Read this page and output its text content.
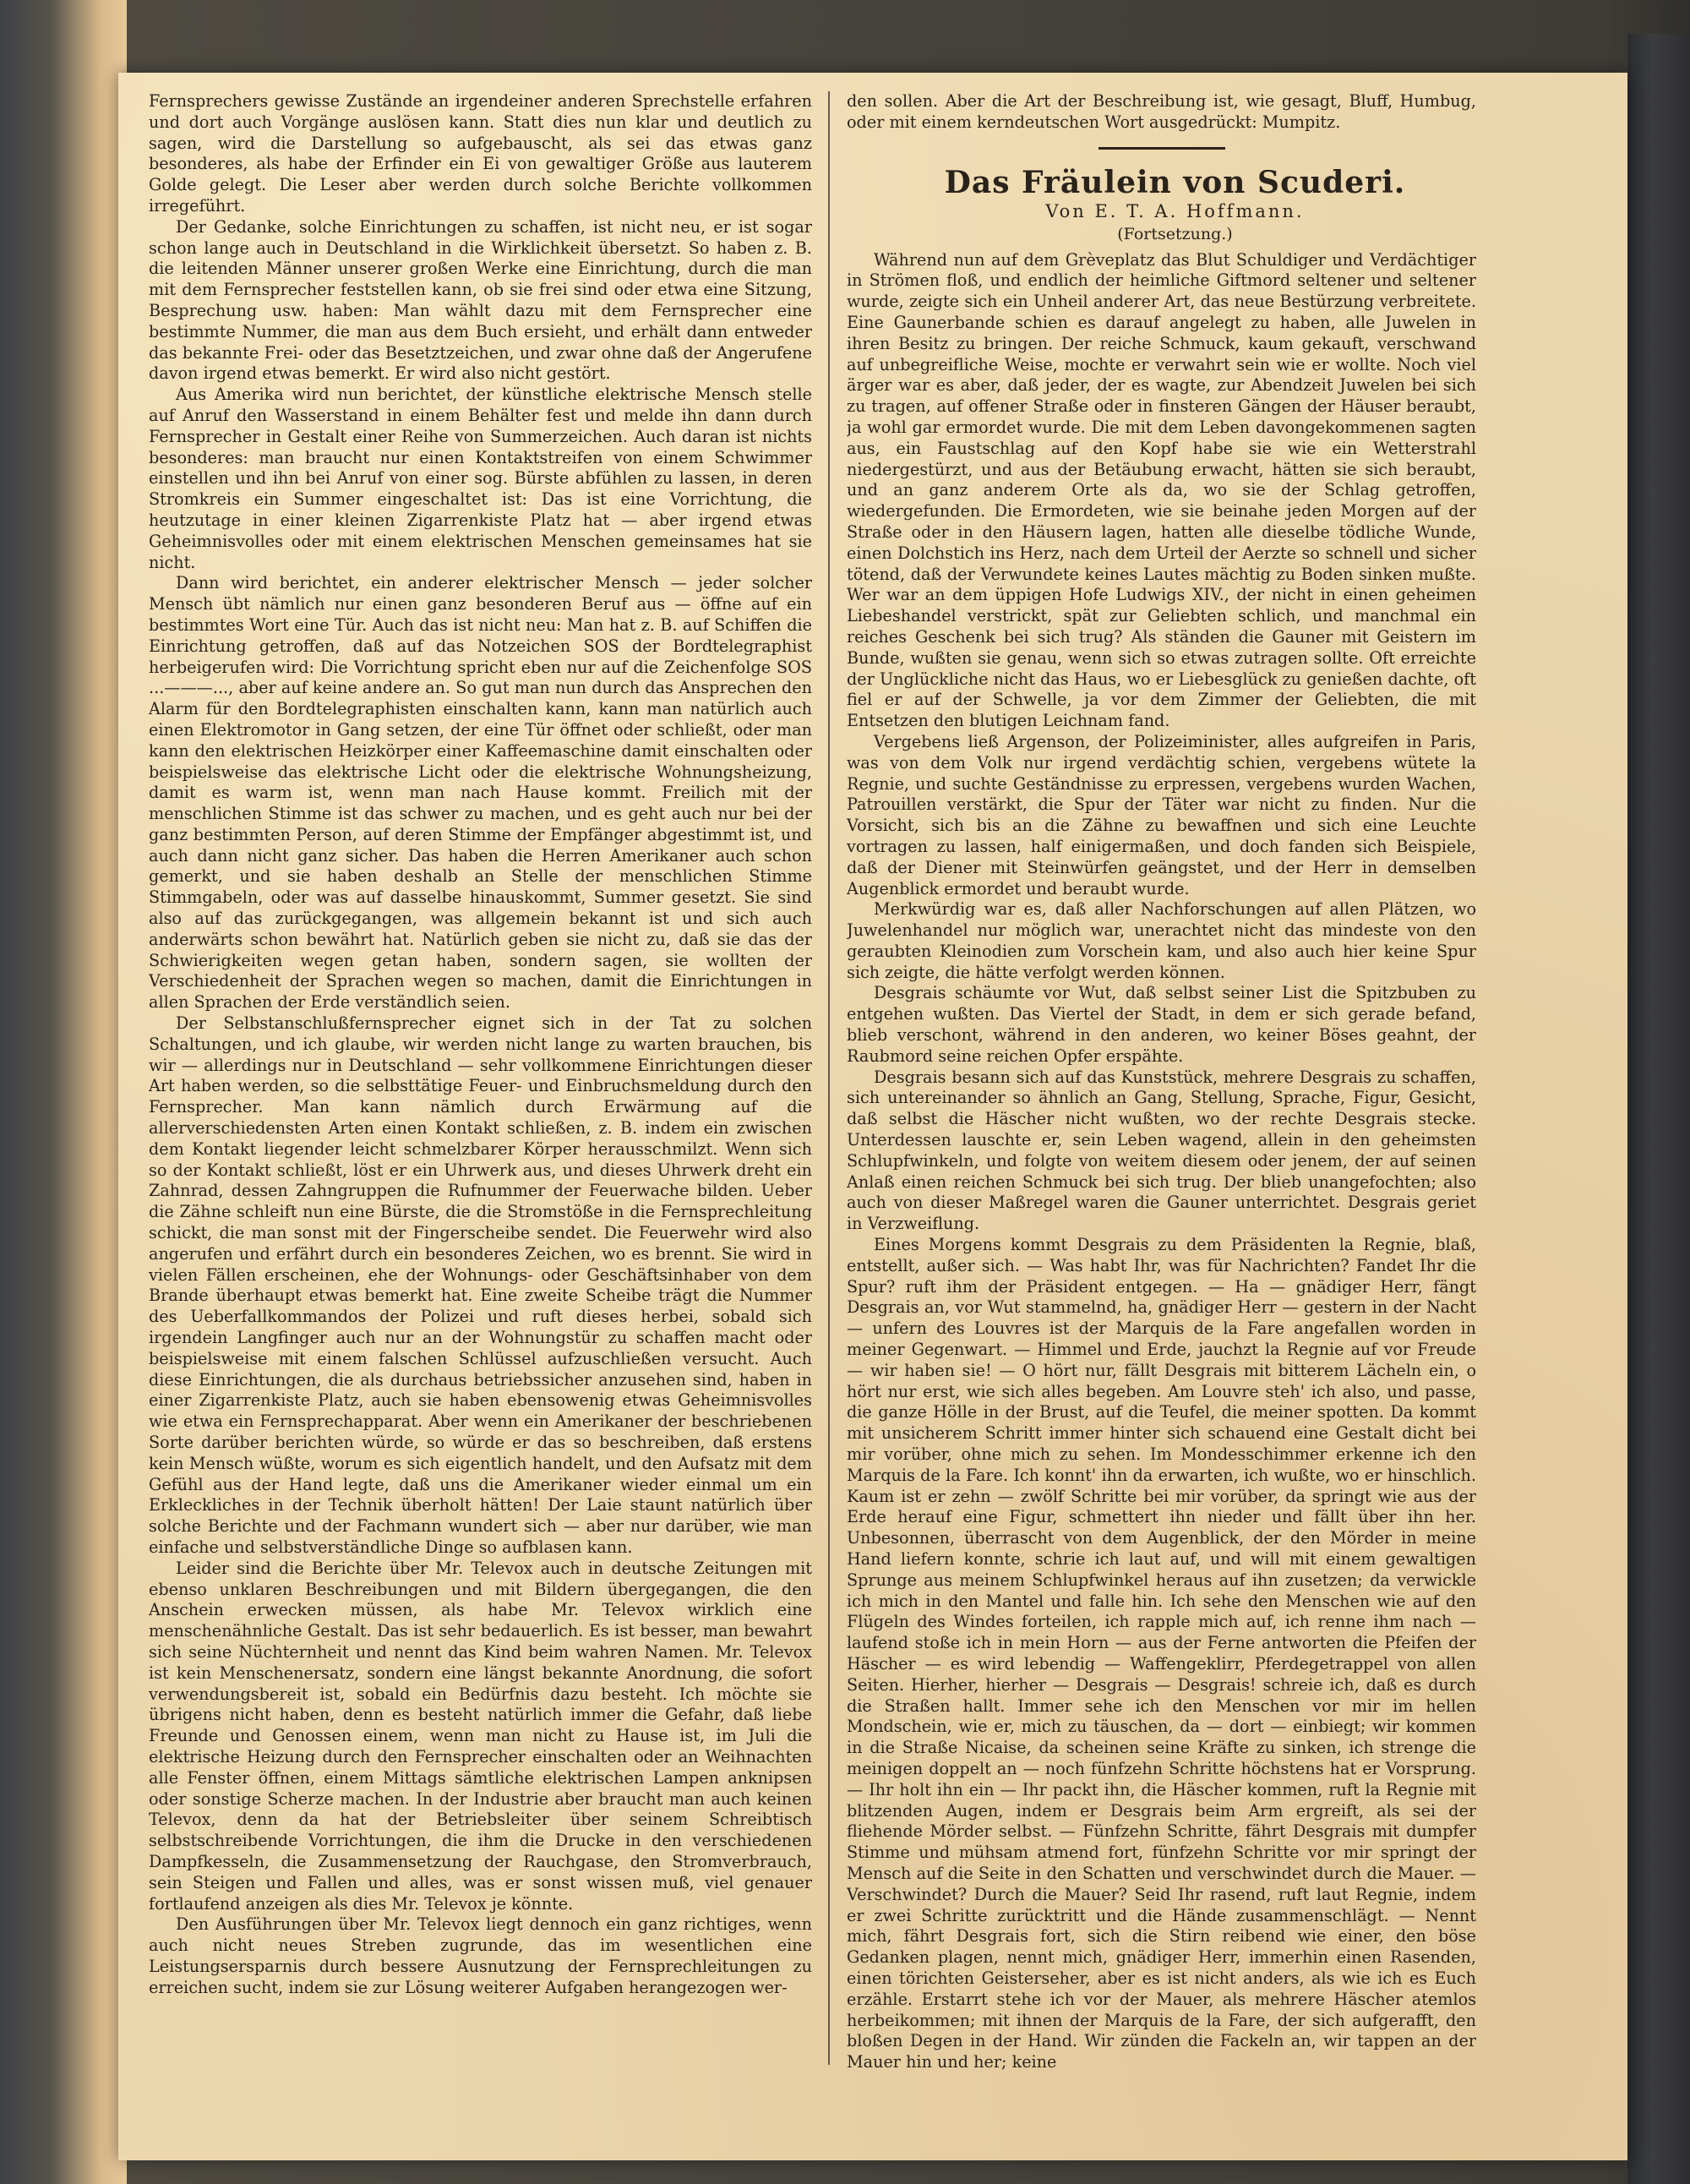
Fernsprechers gewisse Zustände an irgendeiner anderen Sprechstelle erfahren und dort auch Vorgänge auslösen kann. Statt dies nun klar und deutlich zu sagen, wird die Darstellung so aufgebauscht, als sei das etwas ganz besonderes, als habe der Erfinder ein Ei von gewaltiger Größe aus lauterem Golde gelegt. Die Leser aber werden durch solche Berichte vollkommen irregeführt.

Der Gedanke, solche Einrichtungen zu schaffen, ist nicht neu, er ist sogar schon lange auch in Deutschland in die Wirklichkeit übersetzt. So haben z. B. die leitenden Männer unserer großen Werke eine Einrichtung, durch die man mit dem Fernsprecher feststellen kann, ob sie frei sind oder etwa eine Sitzung, Besprechung usw. haben: Man wählt dazu mit dem Fernsprecher eine bestimmte Nummer, die man aus dem Buch ersieht, und erhält dann entweder das bekannte Frei- oder das Besetztzeichen, und zwar ohne daß der Angerufene davon irgend etwas bemerkt. Er wird also nicht gestört.

Aus Amerika wird nun berichtet, der künstliche elektrische Mensch stelle auf Anruf den Wasserstand in einem Behälter fest und melde ihn dann durch Fernsprecher in Gestalt einer Reihe von Summerzeichen. Auch daran ist nichts besonderes: man braucht nur einen Kontaktstreifen von einem Schwimmer einstellen und ihn bei Anruf von einer sog. Bürste abfühlen zu lassen, in deren Stromkreis ein Summer eingeschaltet ist: Das ist eine Vorrichtung, die heutzutage in einer kleinen Zigarrenkiste Platz hat — aber irgend etwas Geheimnisvolles oder mit einem elektrischen Menschen gemeinsames hat sie nicht.

Dann wird berichtet, ein anderer elektrischer Mensch — jeder solcher Mensch übt nämlich nur einen ganz besonderen Beruf aus — öffne auf ein bestimmtes Wort eine Tür. Auch das ist nicht neu: Man hat z. B. auf Schiffen die Einrichtung getroffen, daß auf das Notzeichen SOS der Bordtelegraphist herbeigerufen wird: Die Vorrichtung spricht eben nur auf die Zeichenfolge SOS ...———..., aber auf keine andere an. So gut man nun durch das Ansprechen den Alarm für den Bordtelegraphisten einschalten kann, kann man natürlich auch einen Elektromotor in Gang setzen, der eine Tür öffnet oder schließt, oder man kann den elektrischen Heizkörper einer Kaffeemaschine damit einschalten oder beispielsweise das elektrische Licht oder die elektrische Wohnungsheizung, damit es warm ist, wenn man nach Hause kommt. Freilich mit der menschlichen Stimme ist das schwer zu machen, und es geht auch nur bei der ganz bestimmten Person, auf deren Stimme der Empfänger abgestimmt ist, und auch dann nicht ganz sicher. Das haben die Herren Amerikaner auch schon gemerkt, und sie haben deshalb an Stelle der menschlichen Stimme Stimmgabeln, oder was auf dasselbe hinauskommt, Summer gesetzt. Sie sind also auf das zurückgegangen, was allgemein bekannt ist und sich auch anderwärts schon bewährt hat. Natürlich geben sie nicht zu, daß sie das der Schwierigkeiten wegen getan haben, sondern sagen, sie wollten der Verschiedenheit der Sprachen wegen so machen, damit die Einrichtungen in allen Sprachen der Erde verständlich seien.

Der Selbstanschlußfernsprecher eignet sich in der Tat zu solchen Schaltungen, und ich glaube, wir werden nicht lange zu warten brauchen, bis wir — allerdings nur in Deutschland — sehr vollkommene Einrichtungen dieser Art haben werden, so die selbsttätige Feuer- und Einbruchsmeldung durch den Fernsprecher. Man kann nämlich durch Erwärmung auf die allerverschiedensten Arten einen Kontakt schließen, z. B. indem ein zwischen dem Kontakt liegender leicht schmelzbarer Körper herausschmilzt. Wenn sich so der Kontakt schließt, löst er ein Uhrwerk aus, und dieses Uhrwerk dreht ein Zahnrad, dessen Zahngruppen die Rufnummer der Feuerwache bilden. Ueber die Zähne schleift nun eine Bürste, die die Stromstöße in die Fernsprechleitung schickt, die man sonst mit der Fingerscheibe sendet. Die Feuerwehr wird also angerufen und erfährt durch ein besonderes Zeichen, wo es brennt. Sie wird in vielen Fällen erscheinen, ehe der Wohnungs- oder Geschäftsinhaber von dem Brande überhaupt etwas bemerkt hat. Eine zweite Scheibe trägt die Nummer des Ueberfallkommandos der Polizei und ruft dieses herbei, sobald sich irgendein Langfinger auch nur an der Wohnungstür zu schaffen macht oder beispielsweise mit einem falschen Schlüssel aufzuschließen versucht. Auch diese Einrichtungen, die als durchaus betriebssicher anzusehen sind, haben in einer Zigarrenkiste Platz, auch sie haben ebensowenig etwas Geheimnisvolles wie etwa ein Fernsprechapparat. Aber wenn ein Amerikaner der beschriebenen Sorte darüber berichten würde, so würde er das so beschreiben, daß erstens kein Mensch wüßte, worum es sich eigentlich handelt, und den Aufsatz mit dem Gefühl aus der Hand legte, daß uns die Amerikaner wieder einmal um ein Erkleckliches in der Technik überholt hätten! Der Laie staunt natürlich über solche Berichte und der Fachmann wundert sich — aber nur darüber, wie man einfache und selbstverständliche Dinge so aufblasen kann.

Leider sind die Berichte über Mr. Televox auch in deutsche Zeitungen mit ebenso unklaren Beschreibungen und mit Bildern übergegangen, die den Anschein erwecken müssen, als habe Mr. Televox wirklich eine menschenähnliche Gestalt. Das ist sehr bedauerlich. Es ist besser, man bewahrt sich seine Nüchternheit und nennt das Kind beim wahren Namen. Mr. Televox ist kein Menschenersatz, sondern eine längst bekannte Anordnung, die sofort verwendungsbereit ist, sobald ein Bedürfnis dazu besteht. Ich möchte sie übrigens nicht haben, denn es besteht natürlich immer die Gefahr, daß liebe Freunde und Genossen einem, wenn man nicht zu Hause ist, im Juli die elektrische Heizung durch den Fernsprecher einschalten oder an Weihnachten alle Fenster öffnen, einem Mittags sämtliche elektrischen Lampen anknipsen oder sonstige Scherze machen. In der Industrie aber braucht man auch keinen Televox, denn da hat der Betriebsleiter über seinem Schreibtisch selbstschreibende Vorrichtungen, die ihm die Drucke in den verschiedenen Dampfkesseln, die Zusammensetzung der Rauchgase, den Stromverbrauch, sein Steigen und Fallen und alles, was er sonst wissen muß, viel genauer fortlaufend anzeigen als dies Mr. Televox je könnte.

Den Ausführungen über Mr. Televox liegt dennoch ein ganz richtiges, wenn auch nicht neues Streben zugrunde, das im wesentlichen eine Leistungsersparnis durch bessere Ausnutzung der Fernsprechleitungen zu erreichen sucht, indem sie zur Lösung weiterer Aufgaben herangezogen wer-

den sollen. Aber die Art der Beschreibung ist, wie gesagt, Bluff, Humbug, oder mit einem kerndeutschen Wort ausgedrückt: Mumpitz.

Das Fräulein von Scuderi.

Von E. T. A. Hoffmann.

(Fortsetzung.)

Während nun auf dem Grèveplatz das Blut Schuldiger und Verdächtiger in Strömen floß, und endlich der heimliche Giftmord seltener und seltener wurde, zeigte sich ein Unheil anderer Art, das neue Bestürzung verbreitete. Eine Gaunerbande schien es darauf angelegt zu haben, alle Juwelen in ihren Besitz zu bringen. Der reiche Schmuck, kaum gekauft, verschwand auf unbegreifliche Weise, mochte er verwahrt sein wie er wollte. Noch viel ärger war es aber, daß jeder, der es wagte, zur Abendzeit Juwelen bei sich zu tragen, auf offener Straße oder in finsteren Gängen der Häuser beraubt, ja wohl gar ermordet wurde. Die mit dem Leben davongekommenen sagten aus, ein Faustschlag auf den Kopf habe sie wie ein Wetterstrahl niedergestürzt, und aus der Betäubung erwacht, hätten sie sich beraubt, und an ganz anderem Orte als da, wo sie der Schlag getroffen, wiedergefunden. Die Ermordeten, wie sie beinahe jeden Morgen auf der Straße oder in den Häusern lagen, hatten alle dieselbe tödliche Wunde, einen Dolchstich ins Herz, nach dem Urteil der Aerzte so schnell und sicher tötend, daß der Verwundete keines Lautes mächtig zu Boden sinken mußte. Wer war an dem üppigen Hofe Ludwigs XIV., der nicht in einen geheimen Liebeshandel verstrickt, spät zur Geliebten schlich, und manchmal ein reiches Geschenk bei sich trug? Als ständen die Gauner mit Geistern im Bunde, wußten sie genau, wenn sich so etwas zutragen sollte. Oft erreichte der Unglückliche nicht das Haus, wo er Liebesglück zu genießen dachte, oft fiel er auf der Schwelle, ja vor dem Zimmer der Geliebten, die mit Entsetzen den blutigen Leichnam fand.

Vergebens ließ Argenson, der Polizeiminister, alles aufgreifen in Paris, was von dem Volk nur irgend verdächtig schien, vergebens wütete la Regnie, und suchte Geständnisse zu erpressen, vergebens wurden Wachen, Patrouillen verstärkt, die Spur der Täter war nicht zu finden. Nur die Vorsicht, sich bis an die Zähne zu bewaffnen und sich eine Leuchte vortragen zu lassen, half einigermaßen, und doch fanden sich Beispiele, daß der Diener mit Steinwürfen geängstet, und der Herr in demselben Augenblick ermordet und beraubt wurde.

Merkwürdig war es, daß aller Nachforschungen auf allen Plätzen, wo Juwelenhandel nur möglich war, unerachtet nicht das mindeste von den geraubten Kleinodien zum Vorschein kam, und also auch hier keine Spur sich zeigte, die hätte verfolgt werden können.

Desgrais schäumte vor Wut, daß selbst seiner List die Spitzbuben zu entgehen wußten. Das Viertel der Stadt, in dem er sich gerade befand, blieb verschont, während in den anderen, wo keiner Böses geahnt, der Raubmord seine reichen Opfer erspähte.

Desgrais besann sich auf das Kunststück, mehrere Desgrais zu schaffen, sich untereinander so ähnlich an Gang, Stellung, Sprache, Figur, Gesicht, daß selbst die Häscher nicht wußten, wo der rechte Desgrais stecke. Unterdessen lauschte er, sein Leben wagend, allein in den geheimsten Schlupfwinkeln, und folgte von weitem diesem oder jenem, der auf seinen Anlaß einen reichen Schmuck bei sich trug. Der blieb unangefochten; also auch von dieser Maßregel waren die Gauner unterrichtet. Desgrais geriet in Verzweiflung.

Eines Morgens kommt Desgrais zu dem Präsidenten la Regnie, blaß, entstellt, außer sich. — Was habt Ihr, was für Nachrichten? Fandet Ihr die Spur? ruft ihm der Präsident entgegen. — Ha — gnädiger Herr, fängt Desgrais an, vor Wut stammelnd, ha, gnädiger Herr — gestern in der Nacht — unfern des Louvres ist der Marquis de la Fare angefallen worden in meiner Gegenwart. — Himmel und Erde, jauchzt la Regnie auf vor Freude — wir haben sie! — O hört nur, fällt Desgrais mit bitterem Lächeln ein, o hört nur erst, wie sich alles begeben. Am Louvre steh' ich also, und passe, die ganze Hölle in der Brust, auf die Teufel, die meiner spotten. Da kommt mit unsicherem Schritt immer hinter sich schauend eine Gestalt dicht bei mir vorüber, ohne mich zu sehen. Im Mondesschimmer erkenne ich den Marquis de la Fare. Ich konnt' ihn da erwarten, ich wußte, wo er hinschlich. Kaum ist er zehn — zwölf Schritte bei mir vorüber, da springt wie aus der Erde herauf eine Figur, schmettert ihn nieder und fällt über ihn her. Unbesonnen, überrascht von dem Augenblick, der den Mörder in meine Hand liefern konnte, schrie ich laut auf, und will mit einem gewaltigen Sprunge aus meinem Schlupfwinkel heraus auf ihn zusetzen; da verwickle ich mich in den Mantel und falle hin. Ich sehe den Menschen wie auf den Flügeln des Windes forteilen, ich rapple mich auf, ich renne ihm nach — laufend stoße ich in mein Horn — aus der Ferne antworten die Pfeifen der Häscher — es wird lebendig — Waffengeklirr, Pferdegetrappel von allen Seiten. Hierher, hierher — Desgrais — Desgrais! schreie ich, daß es durch die Straßen hallt. Immer sehe ich den Menschen vor mir im hellen Mondschein, wie er, mich zu täuschen, da — dort — einbiegt; wir kommen in die Straße Nicaise, da scheinen seine Kräfte zu sinken, ich strenge die meinigen doppelt an — noch fünfzehn Schritte höchstens hat er Vorsprung. — Ihr holt ihn ein — Ihr packt ihn, die Häscher kommen, ruft la Regnie mit blitzenden Augen, indem er Desgrais beim Arm ergreift, als sei der fliehende Mörder selbst. — Fünfzehn Schritte, fährt Desgrais mit dumpfer Stimme und mühsam atmend fort, fünfzehn Schritte vor mir springt der Mensch auf die Seite in den Schatten und verschwindet durch die Mauer. — Verschwindet? Durch die Mauer? Seid Ihr rasend, ruft laut Regnie, indem er zwei Schritte zurücktritt und die Hände zusammenschlägt. — Nennt mich, fährt Desgrais fort, sich die Stirn reibend wie einer, den böse Gedanken plagen, nennt mich, gnädiger Herr, immerhin einen Rasenden, einen törichten Geisterseher, aber es ist nicht anders, als wie ich es Euch erzähle. Erstarrt stehe ich vor der Mauer, als mehrere Häscher atemlos herbeikommen; mit ihnen der Marquis de la Fare, der sich aufgerafft, den bloßen Degen in der Hand. Wir zünden die Fackeln an, wir tappen an der Mauer hin und her; keine
